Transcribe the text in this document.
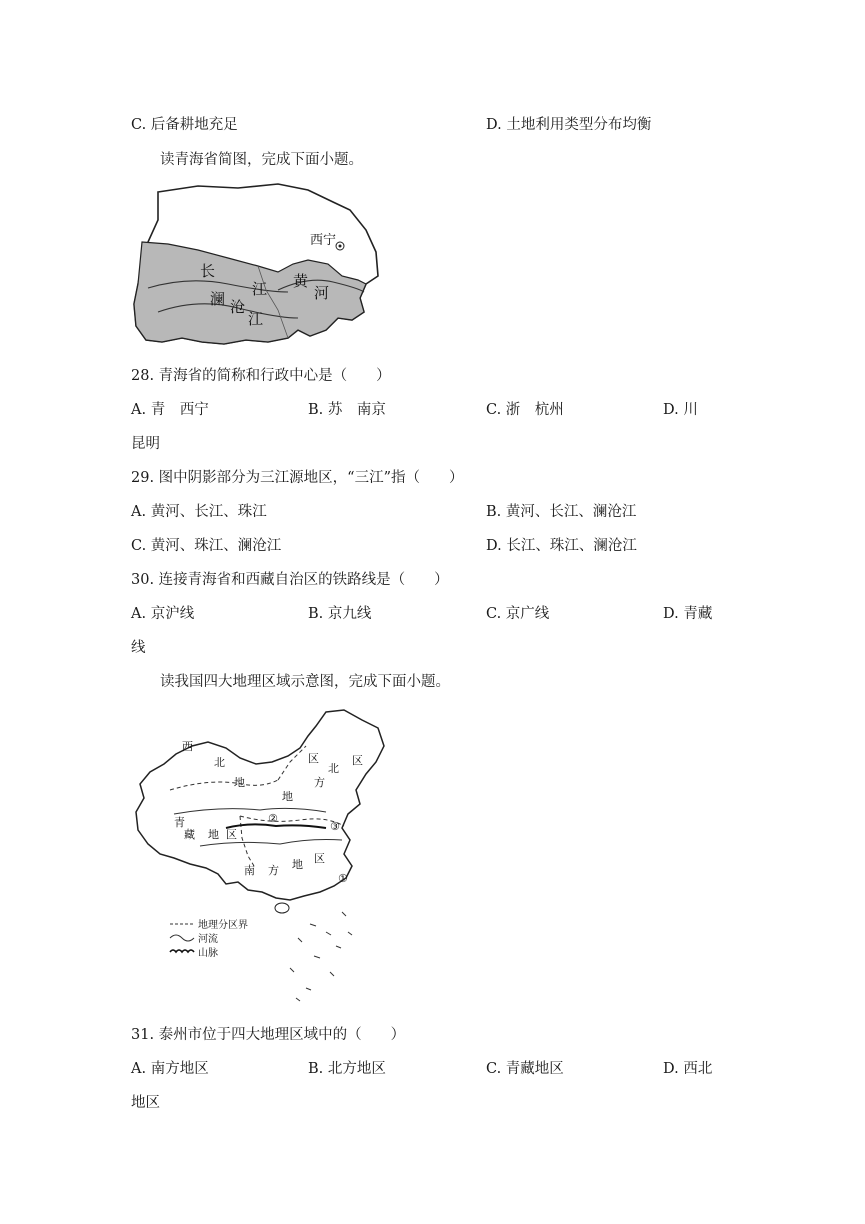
C. 后备耕地充足	D. 土地利用类型分布均衡
读青海省简图，完成下面小题。
西宁
长
江
澜 沧
江
黄
河
28. 青海省的简称和行政中心是（　　）
A. 青　西宁	B. 苏　南京	C. 浙　杭州	D. 川
昆明
29. 图中阴影部分为三江源地区，“三江”指（　　）
A. 黄河、长江、珠江	B. 黄河、长江、澜沧江
C. 黄河、珠江、澜沧江	D. 长江、珠江、澜沧江
30. 连接青海省和西藏自治区的铁路线是（　　）
A. 京沪线	B. 京九线	C. 京广线	D. 青藏
线
读我国四大地理区域示意图，完成下面小题。
西
北
地
区
北
方
地
区
青
藏 地 区
南 方 地 区
②
③
①
地理分区界
河流
山脉
31. 泰州市位于四大地理区域中的（　　）
A. 南方地区	B. 北方地区	C. 青藏地区	D. 西北
地区
